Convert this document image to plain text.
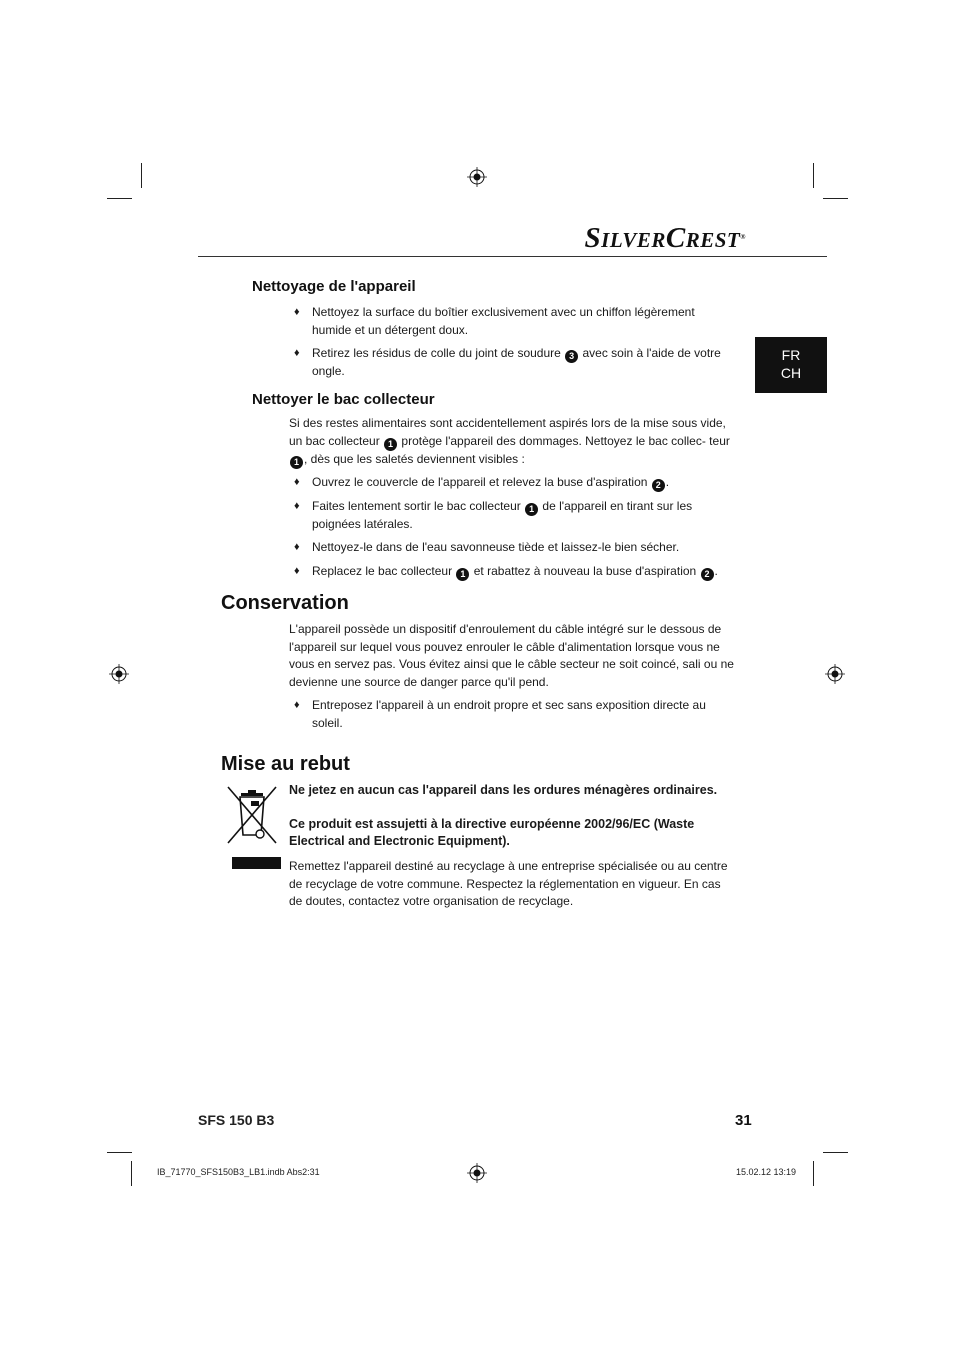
SILVERCREST®
FR
CH
Nettoyage de l'appareil
♦ Nettoyez la surface du boîtier exclusivement avec un chiffon légèrement humide et un détergent doux.
♦ Retirez les résidus de colle du joint de soudure 3 avec soin à l'aide de votre ongle.
Nettoyer le bac collecteur
Si des restes alimentaires sont accidentellement aspirés lors de la mise sous vide, un bac collecteur 1 protège l'appareil des dommages. Nettoyez le bac collec- teur 1 , dès que les saletés deviennent visibles :
♦ Ouvrez le couvercle de l'appareil et relevez la buse d'aspiration 2 .
♦ Faites lentement sortir le bac collecteur 1 de l'appareil en tirant sur les poignées latérales.
♦ Nettoyez-le dans de l'eau savonneuse tiède et laissez-le bien sécher.
♦ Replacez le bac collecteur 1 et rabattez à nouveau la buse d'aspiration 2 .
Conservation
L'appareil possède un dispositif d'enroulement du câble intégré sur le dessous de l'appareil sur lequel vous pouvez enrouler le câble d'alimentation lorsque vous ne vous en servez pas. Vous évitez ainsi que le câble secteur ne soit coincé, sali ou ne devienne une source de danger parce qu'il pend.
♦ Entreposez l'appareil à un endroit propre et sec sans exposition directe au soleil.
Mise au rebut
Ne jetez en aucun cas l'appareil dans les ordures ménagères ordinaires.
Ce produit est assujetti à la directive européenne 2002/96/EC (Waste Electrical and Electronic Equipment).
Remettez l'appareil destiné au recyclage à une entreprise spécialisée ou au centre de recyclage de votre commune. Respectez la réglementation en vigueur. En cas de doutes, contactez votre organisation de recyclage.
SFS 150 B3	31
IB_71770_SFS150B3_LB1.indb Abs2:31	15.02.12 13:19
